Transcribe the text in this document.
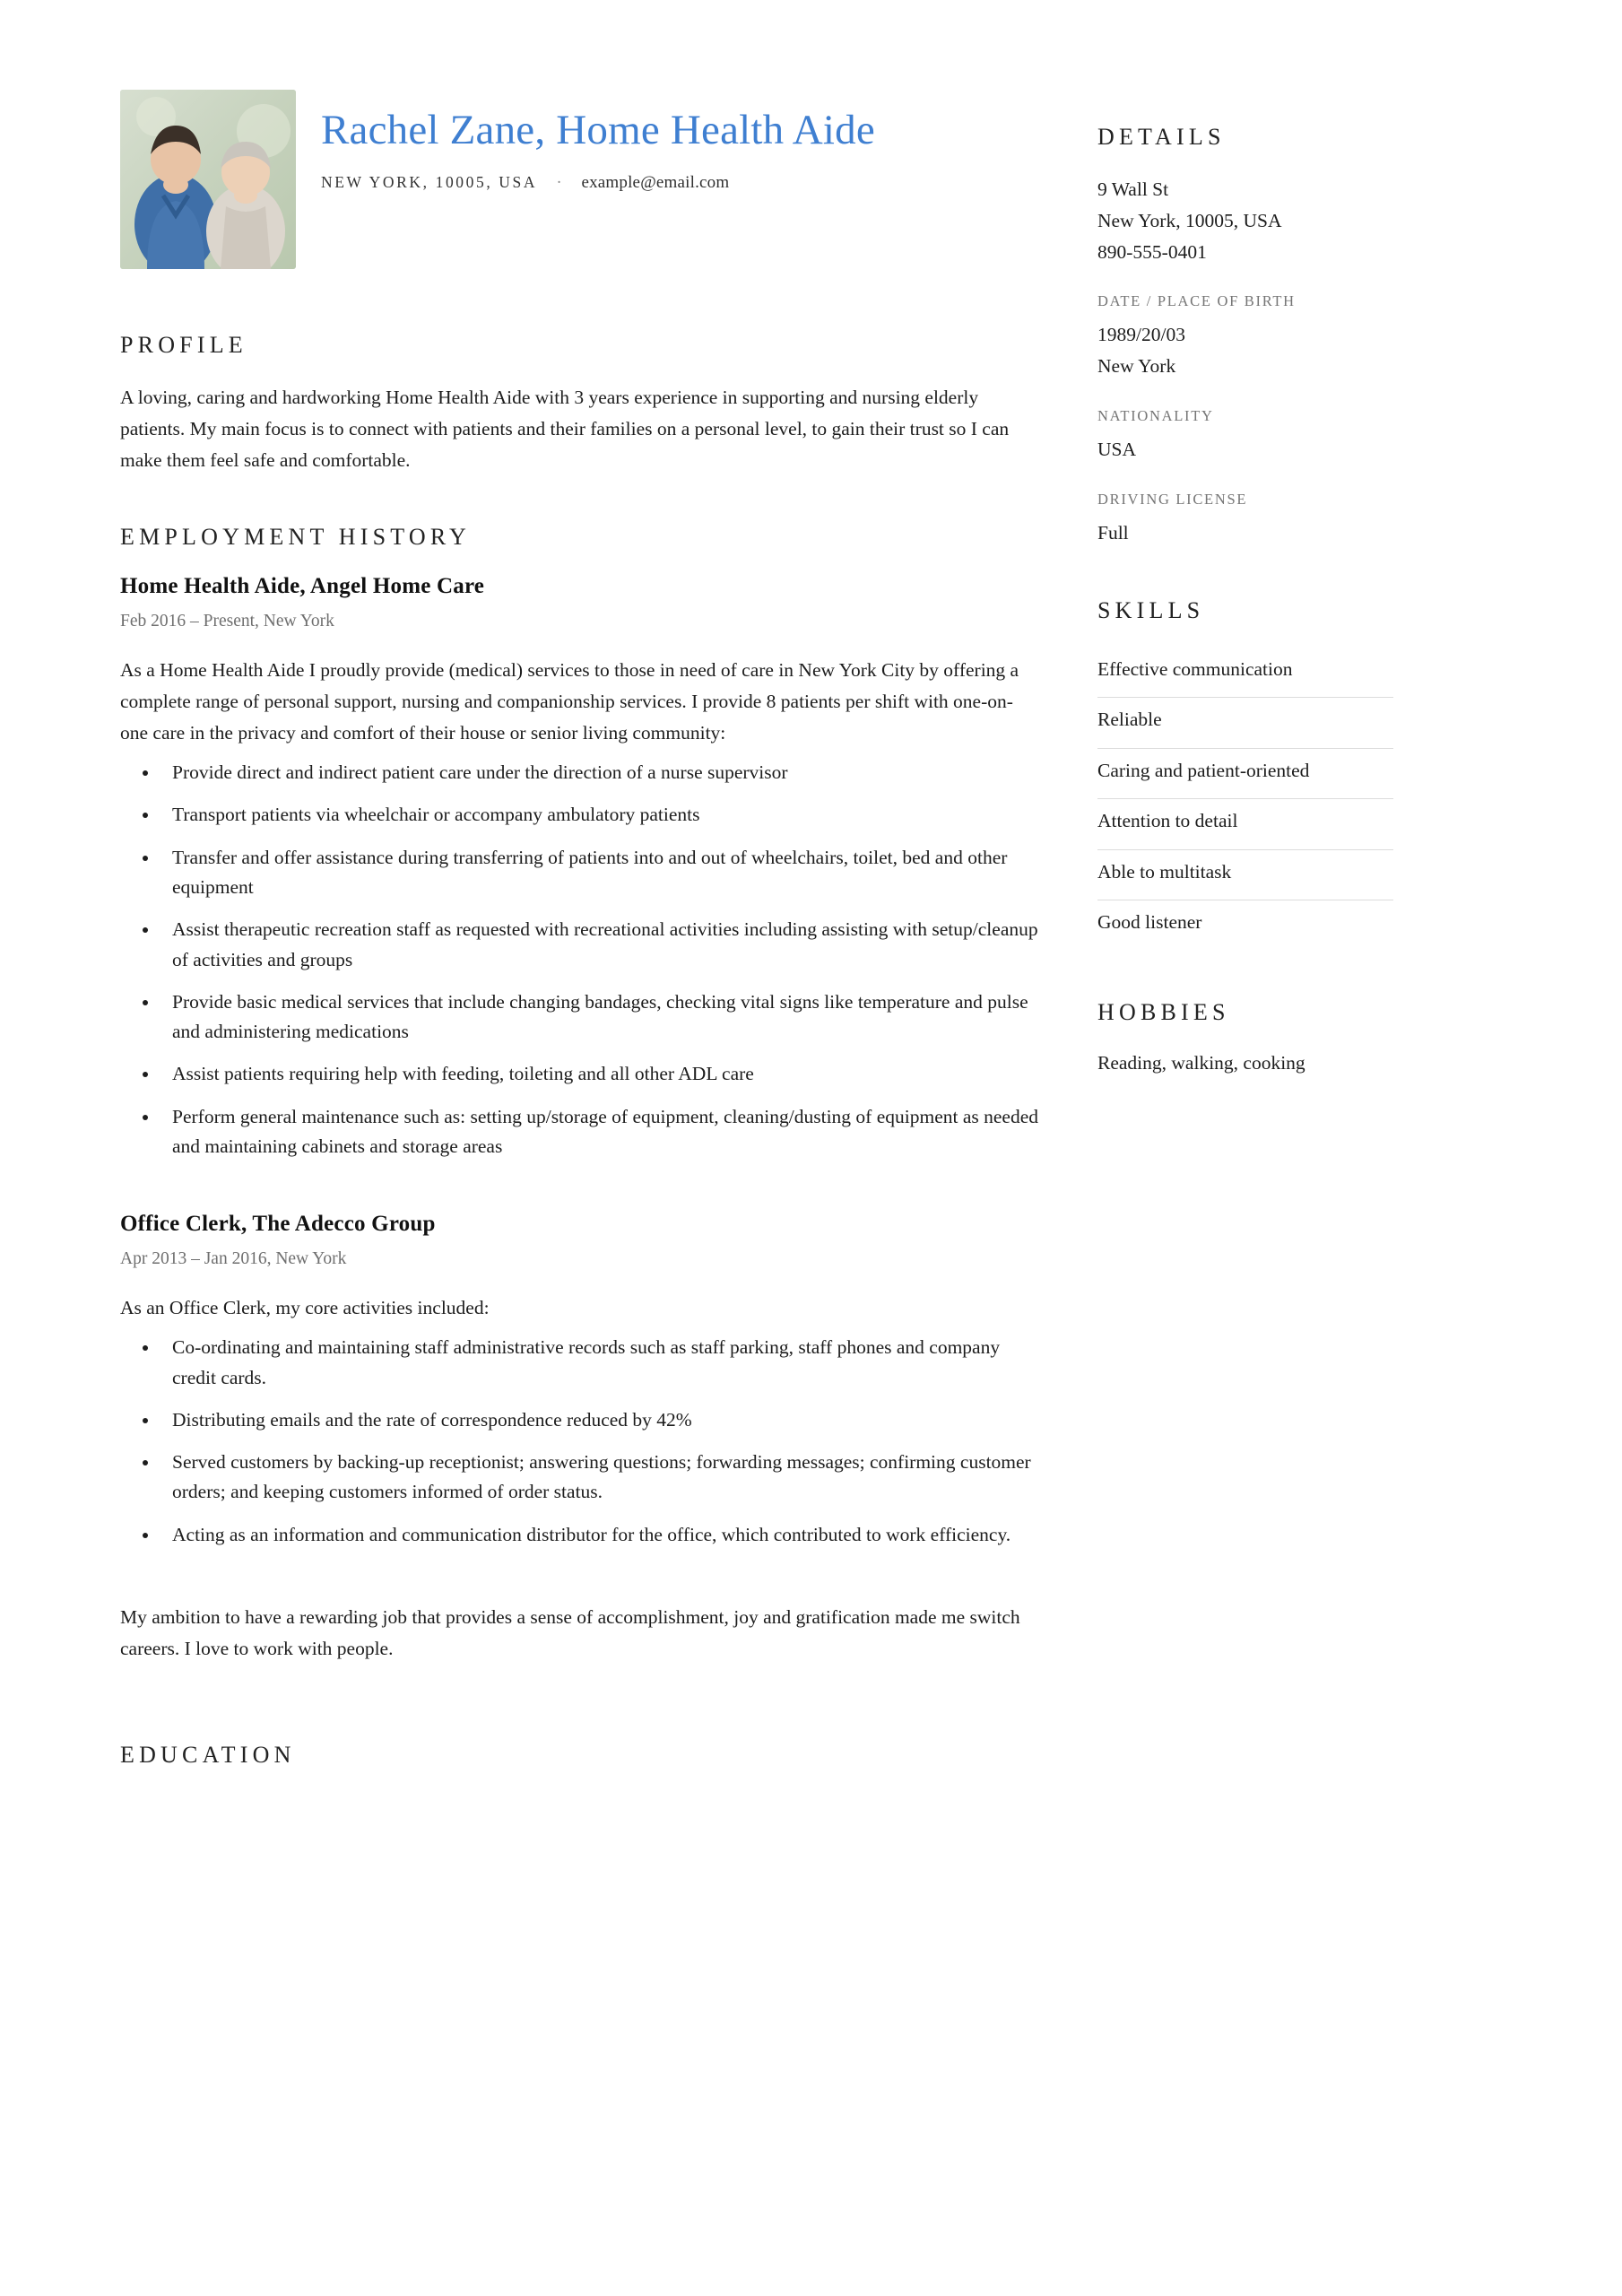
Rachel Zane, Home Health Aide
NEW YORK, 10005, USA · example@email.com
PROFILE

A loving, caring and hardworking Home Health Aide with 3 years experience in supporting and nursing elderly patients. My main focus is to connect with patients and their families on a personal level, to gain their trust so I can make them feel safe and comfortable.

EMPLOYMENT HISTORY
Home Health Aide, Angel Home Care

Feb 2016 – Present, New York

As a Home Health Aide I proudly provide (medical) services to those in need of care in New York City by offering a complete range of personal support, nursing and companionship services. I provide 8 patients per shift with one-on-one care in the privacy and comfort of their house or senior living community:

• Provide direct and indirect patient care under the direction of a nurse supervisor
• Transport patients via wheelchair or accompany ambulatory patients
• Transfer and offer assistance during transferring of patients into and out of wheelchairs, toilet, bed and other equipment
• Assist therapeutic recreation staff as requested with recreational activities including assisting with setup/cleanup of activities and groups
• Provide basic medical services that include changing bandages, checking vital signs like temperature and pulse and administering medications
• Assist patients requiring help with feeding, toileting and all other ADL care
• Perform general maintenance such as: setting up/storage of equipment, cleaning/dusting of equipment as needed and maintaining cabinets and storage areas
Office Clerk, The Adecco Group

Apr 2013 – Jan 2016, New York

As an Office Clerk, my core activities included:

• Co-ordinating and maintaining staff administrative records such as staff parking, staff phones and company credit cards.
• Distributing emails and the rate of correspondence reduced by 42%
• Served customers by backing-up receptionist; answering questions; forwarding messages; confirming customer orders; and keeping customers informed of order status.
• Acting as an information and communication distributor for the office, which contributed to work efficiency.

My ambition to have a rewarding job that provides a sense of accomplishment, joy and gratification made me switch careers. I love to work with people.

EDUCATION
DETAILS

9 Wall St

New York, 10005, USA

890-555-0401

DATE / PLACE OF BIRTH

1989/20/03

New York

NATIONALITY

USA

DRIVING LICENSE

Full

SKILLS
Effective communication
Reliable
Caring and patient-oriented
Attention to detail
Able to multitask
Good listener
HOBBIES

Reading, walking, cooking
